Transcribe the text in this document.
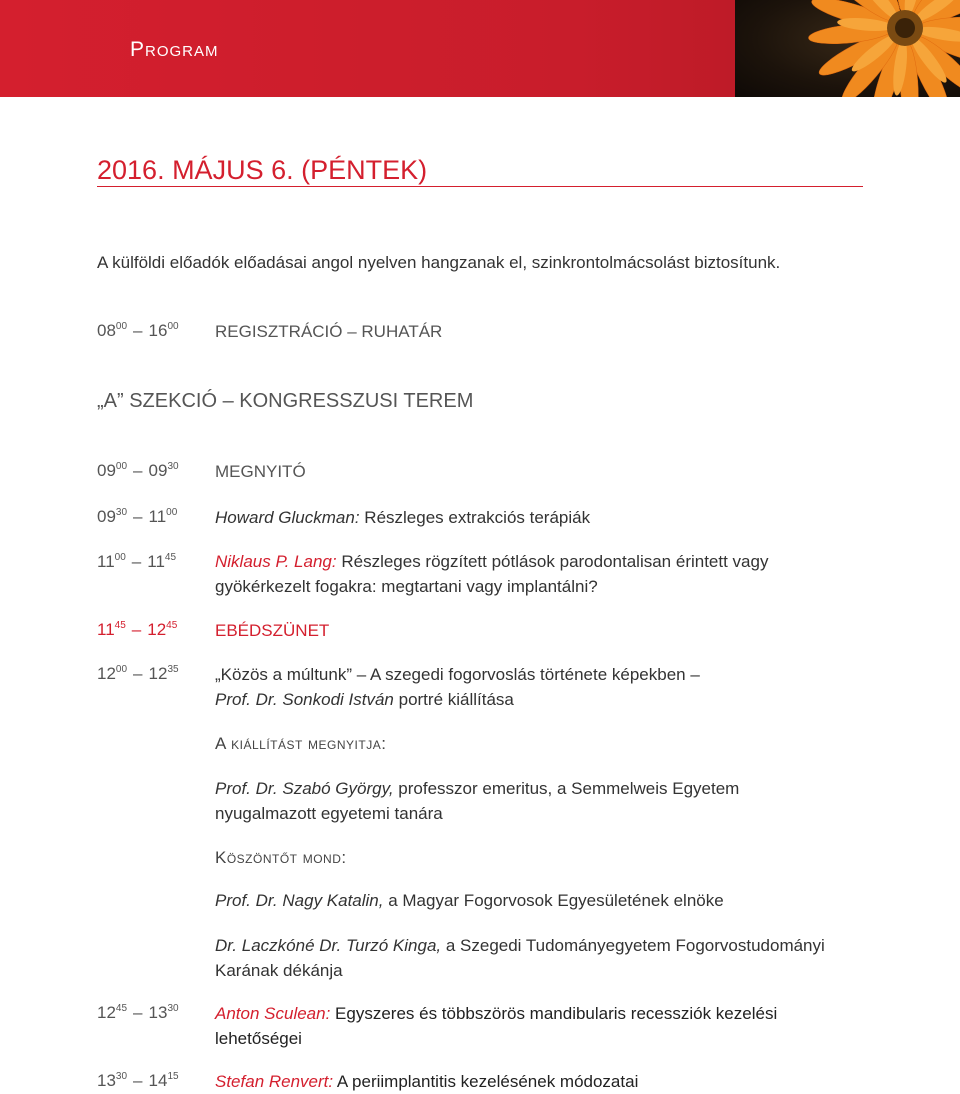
Program
2016. MÁJUS 6. (PÉNTEK)
A külföldi előadók előadásai angol nyelven hangzanak el, szinkrontolmácsolást biztosítunk.
$08^{00} - 16^{00}$ REGISZTRÁCIÓ – RUHATÁR
„A” SZEKCIÓ – KONGRESSZUSI TEREM
$09^{00} - 09^{30}$ MEGNYITÓ
$09^{30} - 11^{00}$ Howard Gluckman: Részleges extrakciós terápiák
$11^{00} - 11^{45}$ Niklaus P. Lang: Részleges rögzített pótlások parodontalisan érintett vagy gyökérkezelt fogakra: megtartani vagy implantálni?
$11^{45} - 12^{45}$ EBÉDSZÜNET
$12^{00} - 12^{35}$ „Közös a múltunk” – A szegedi fogorvoslás története képekben –
Prof. Dr. Sonkodi István portré kiállítása
A kiállítást megnyitja:
Prof. Dr. Szabó György, professzor emeritus, a Semmelweis Egyetem nyugalmazott egyetemi tanára
Köszöntőt mond:
Prof. Dr. Nagy Katalin, a Magyar Fogorvosok Egyesületének elnöke
Dr. Laczkóné Dr. Turzó Kinga, a Szegedi Tudományegyetem Fogorvostudományi Karának dékánja
$12^{45} - 13^{30}$ Anton Sculean: Egyszeres és többszörös mandibularis recessziók kezelési lehetőségei
$13^{30} - 14^{15}$ Stefan Renvert: A periimplantitis kezelésének módozatai
